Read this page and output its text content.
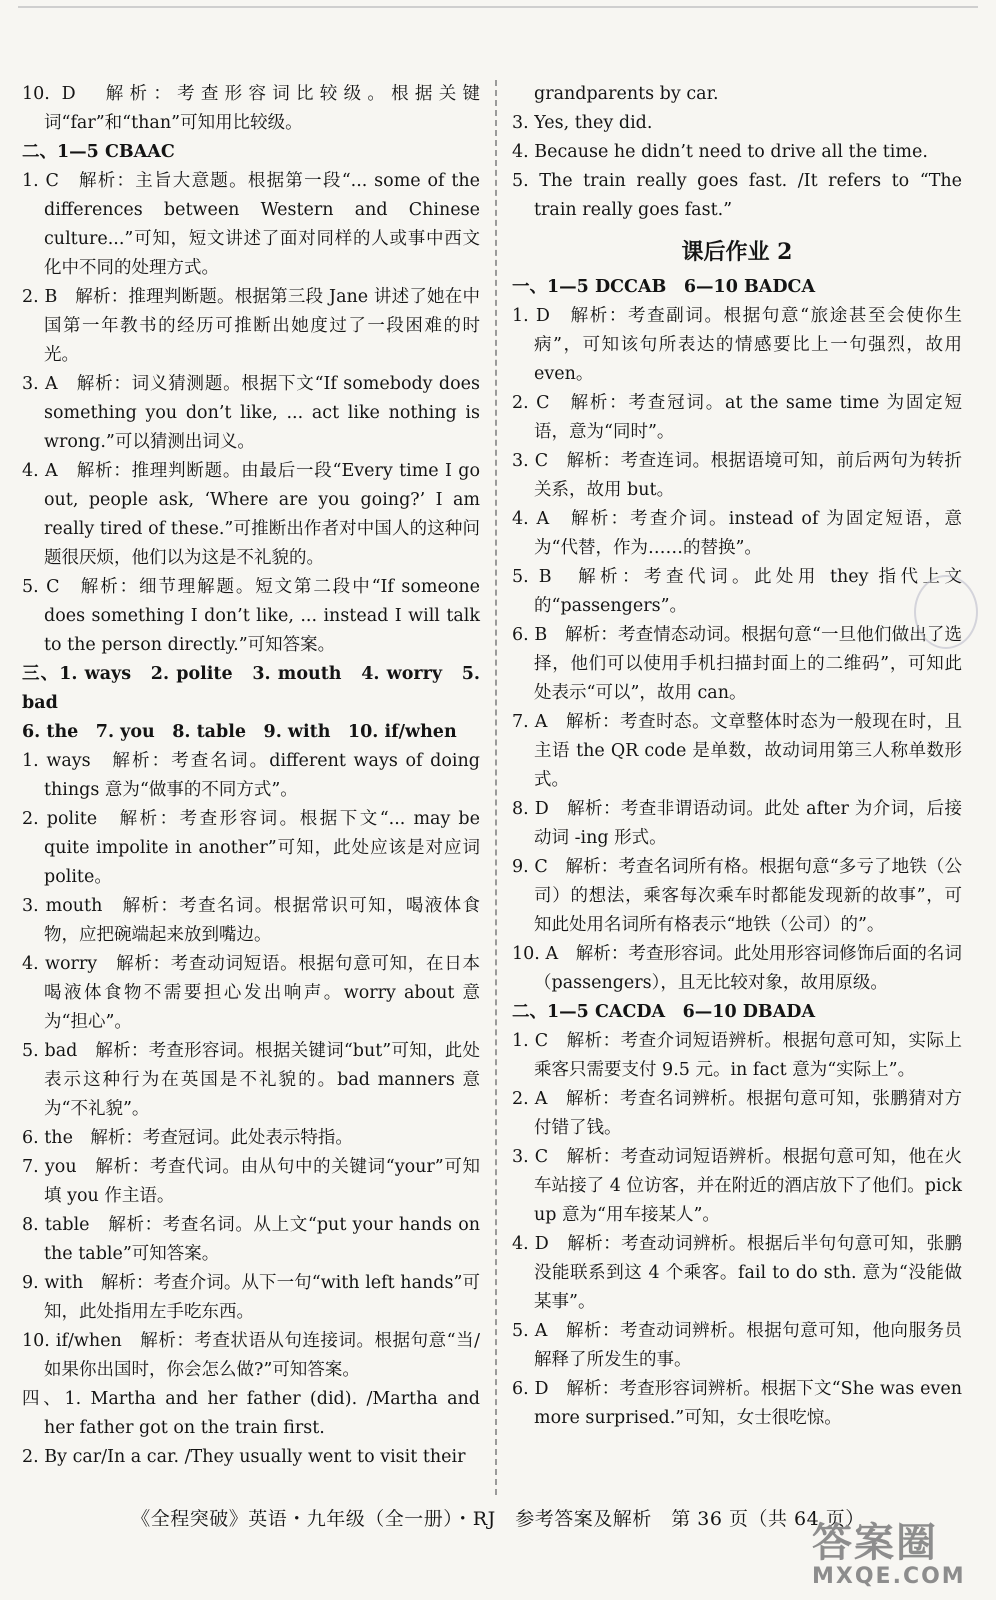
10. D　解析：考查形容词比较级。根据关键词“far”和“than”可知用比较级。

二、1—5 CBAAC

1. C　解析：主旨大意题。根据第一段“... some of the differences between Western and Chinese culture...”可知，短文讲述了面对同样的人或事中西文化中不同的处理方式。

2. B　解析：推理判断题。根据第三段 Jane 讲述了她在中国第一年教书的经历可推断出她度过了一段困难的时光。

3. A　解析：词义猜测题。根据下文“If somebody does something you don’t like, ... act like nothing is wrong.”可以猜测出词义。

4. A　解析：推理判断题。由最后一段“Every time I go out, people ask, ‘Where are you going?’ I am really tired of these.”可推断出作者对中国人的这种问题很厌烦，他们以为这是不礼貌的。

5. C　解析：细节理解题。短文第二段中“If someone does something I don’t like, ... instead I will talk to the person directly.”可知答案。

三、1. ways　2. polite　3. mouth　4. worry　5. bad

6. the　7. you　8. table　9. with　10. if/when

1. ways　解析：考查名词。different ways of doing things 意为“做事的不同方式”。

2. polite　解析：考查形容词。根据下文“... may be quite impolite in another”可知，此处应该是对应词 polite。

3. mouth　解析：考查名词。根据常识可知，喝液体食物，应把碗端起来放到嘴边。

4. worry　解析：考查动词短语。根据句意可知，在日本喝液体食物不需要担心发出响声。worry about 意为“担心”。

5. bad　解析：考查形容词。根据关键词“but”可知，此处表示这种行为在英国是不礼貌的。bad manners 意为“不礼貌”。

6. the　解析：考查冠词。此处表示特指。

7. you　解析：考查代词。由从句中的关键词“your”可知填 you 作主语。

8. table　解析：考查名词。从上文“put your hands on the table”可知答案。

9. with　解析：考查介词。从下一句“with left hands”可知，此处指用左手吃东西。

10. if/when　解析：考查状语从句连接词。根据句意“当/如果你出国时，你会怎么做?”可知答案。

四、1. Martha and her father (did). /Martha and her father got on the train first.

2. By car/In a car. /They usually went to visit their

grandparents by car.

3. Yes, they did.

4. Because he didn’t need to drive all the time.

5. The train really goes fast. /It refers to “The train really goes fast.”

课后作业 2

一、1—5 DCCAB　6—10 BADCA

1. D　解析：考查副词。根据句意“旅途甚至会使你生病”，可知该句所表达的情感要比上一句强烈，故用 even。

2. C　解析：考查冠词。at the same time 为固定短语，意为“同时”。

3. C　解析：考查连词。根据语境可知，前后两句为转折关系，故用 but。

4. A　解析：考查介词。instead of 为固定短语，意为“代替，作为……的替换”。

5. B　解析：考查代词。此处用 they 指代上文的“passengers”。

6. B　解析：考查情态动词。根据句意“一旦他们做出了选择，他们可以使用手机扫描封面上的二维码”，可知此处表示“可以”，故用 can。

7. A　解析：考查时态。文章整体时态为一般现在时，且主语 the QR code 是单数，故动词用第三人称单数形式。

8. D　解析：考查非谓语动词。此处 after 为介词，后接动词 -ing 形式。

9. C　解析：考查名词所有格。根据句意“多亏了地铁（公司）的想法，乘客每次乘车时都能发现新的故事”，可知此处用名词所有格表示“地铁（公司）的”。

10. A　解析：考查形容词。此处用形容词修饰后面的名词（passengers），且无比较对象，故用原级。

二、1—5 CACDA　6—10 DBADA

1. C　解析：考查介词短语辨析。根据句意可知，实际上乘客只需要支付 9.5 元。in fact 意为“实际上”。

2. A　解析：考查名词辨析。根据句意可知，张鹏猜对方付错了钱。

3. C　解析：考查动词短语辨析。根据句意可知，他在火车站接了 4 位访客，并在附近的酒店放下了他们。pick up 意为“用车接某人”。

4. D　解析：考查动词辨析。根据后半句句意可知，张鹏没能联系到这 4 个乘客。fail to do sth. 意为“没能做某事”。

5. A　解析：考查动词辨析。根据句意可知，他向服务员解释了所发生的事。

6. D　解析：考查形容词辨析。根据下文“She was even more surprised.”可知，女士很吃惊。

《全程突破》英语・九年级（全一册）・RJ　参考答案及解析　第 36 页（共 64 页）
答案圈
MXQE.COM
